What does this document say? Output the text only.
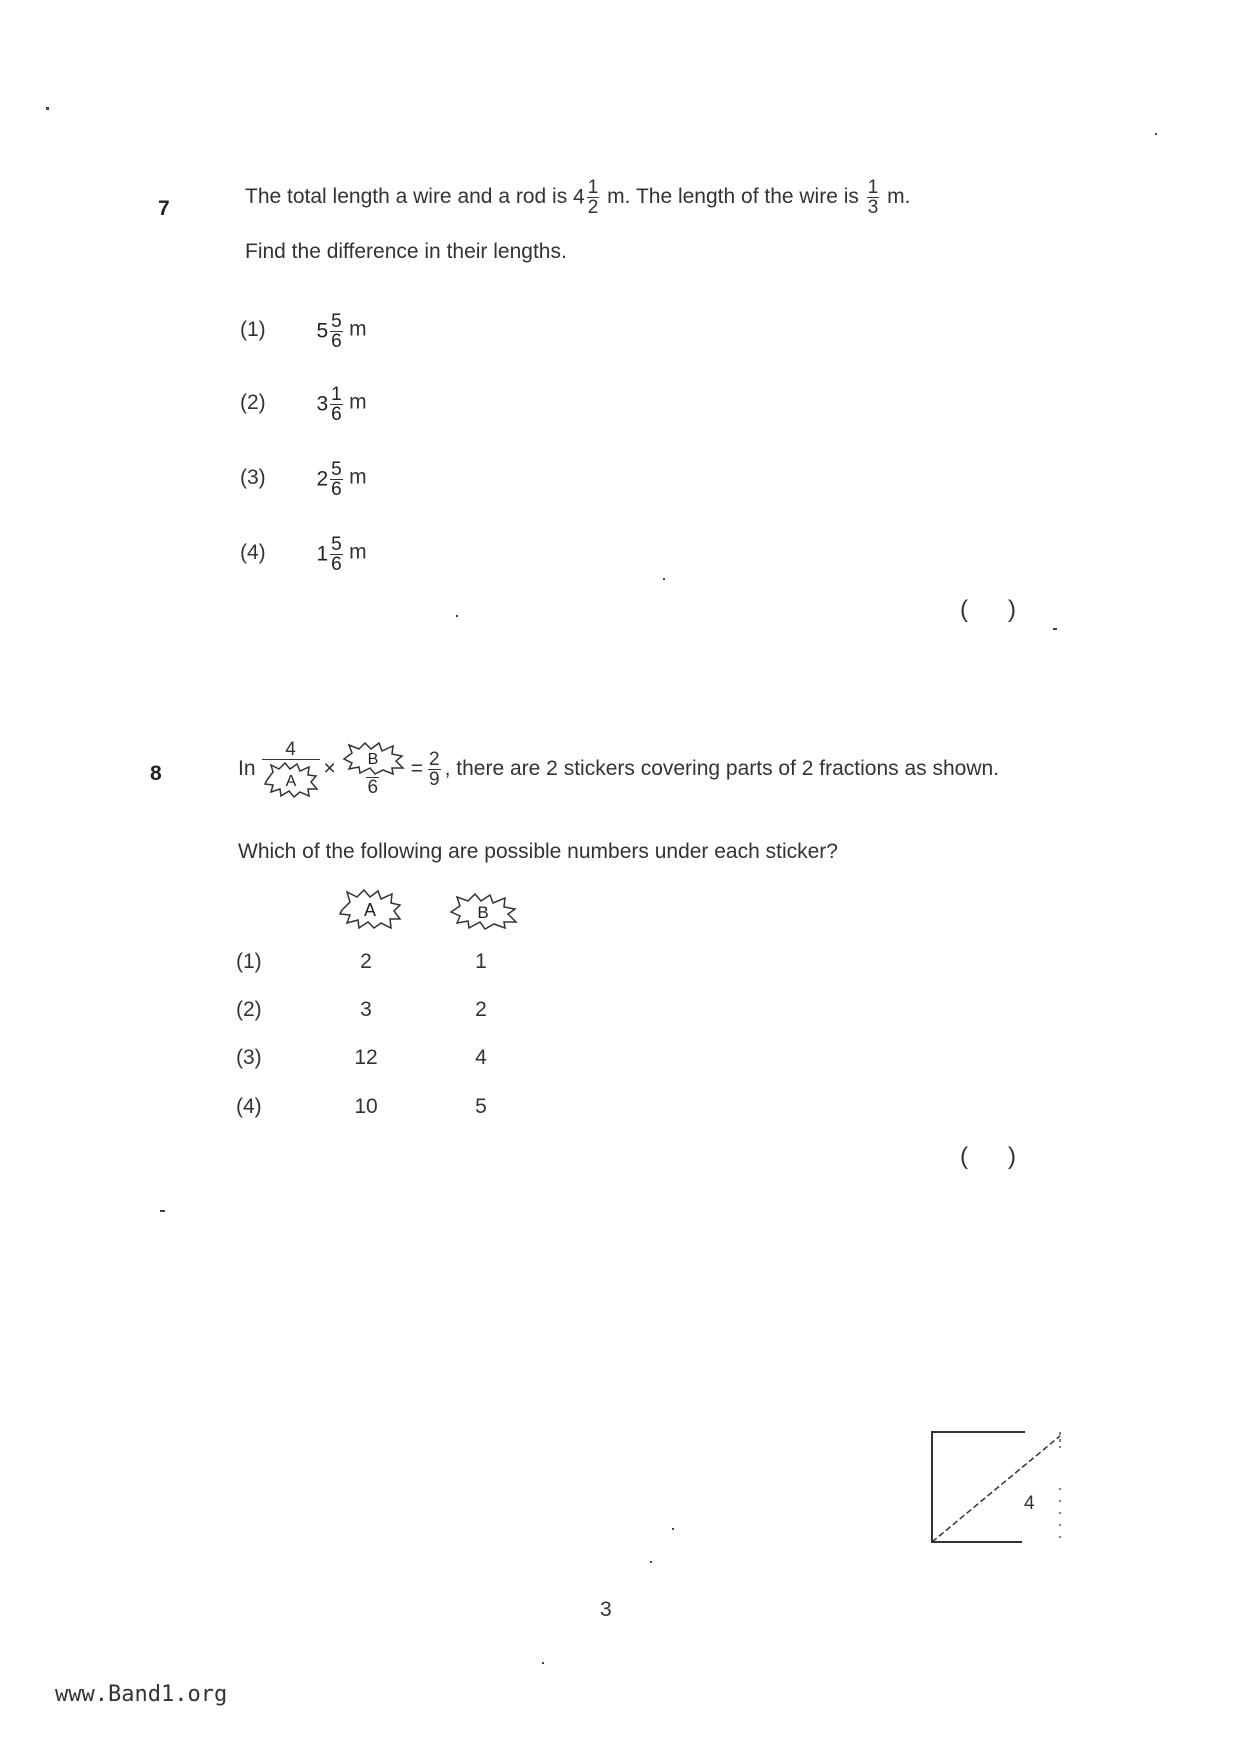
7
The total length a wire and a rod is $4 \frac{1}{2} m$. The length of the wire is $\frac{1}{3} m$.
Find the difference in their lengths.
(1) $5 \frac{5}{6}$ m
(2) $3 \frac{1}{6}$ m
(3) $2 \frac{5}{6}$ m
(4) $1 \frac{5}{6}$ m
(      )
8	In $\frac{4}{A} \times \frac{B}{6} = \frac{2}{9}$ , there are 2 stickers covering parts of 2 fractions as shown.
Which of the following are possible numbers under each sticker?
A	B
(1)	2	1
(2)	3	2
(3)	12	4
(4)	10	5
(      )
4
3
www.Band1.org
